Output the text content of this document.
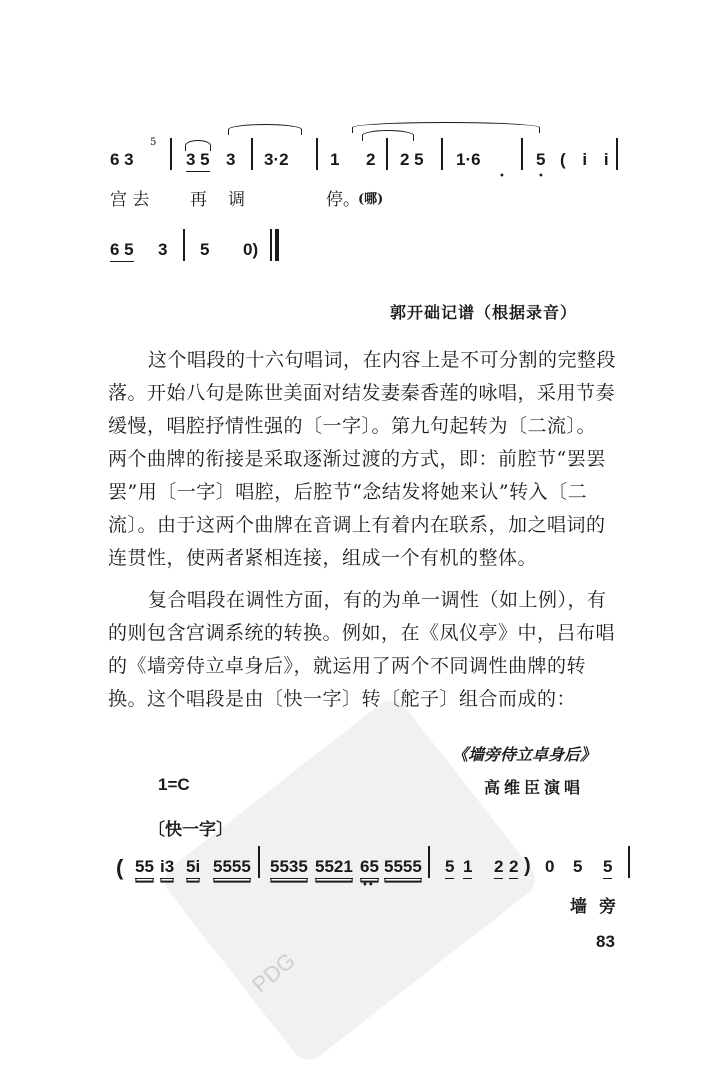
PDG
5
6 3	3 5 3 3·2 1 2 2 5 1·6
•
5
•
( i i
宫 去 再 调	停。
(哪)
6 5 3 5 0)
郭开础记谱（根据录音）
这个唱段的十六句唱词，在内容上是不可分割的完整段
落。开始八句是陈世美面对结发妻秦香莲的咏唱，采用节奏
缓慢，唱腔抒情性强的〔一字〕。第九句起转为〔二流〕。
两个曲牌的衔接是采取逐渐过渡的方式，即：前腔节“罢罢
罢”用〔一字〕唱腔，后腔节“念结发将她来认”转入〔二
流〕。由于这两个曲牌在音调上有着内在联系，加之唱词的
连贯性，使两者紧相连接，组成一个有机的整体。
复合唱段在调性方面，有的为单一调性（如上例），有
的则包含宫调系统的转换。例如，在《凤仪亭》中，吕布唱
的《墙旁侍立卓身后》，就运用了两个不同调性曲牌的转
换。这个唱段是由〔快一字〕转〔舵子〕组合而成的：
《墙旁侍立卓身后》
1=C	高维臣演唱
〔快一字〕
( 55 i3 5i 5555 5535 5521 65
••
5555 5 1 2 2 ) 0 5 5
墙旁
83
